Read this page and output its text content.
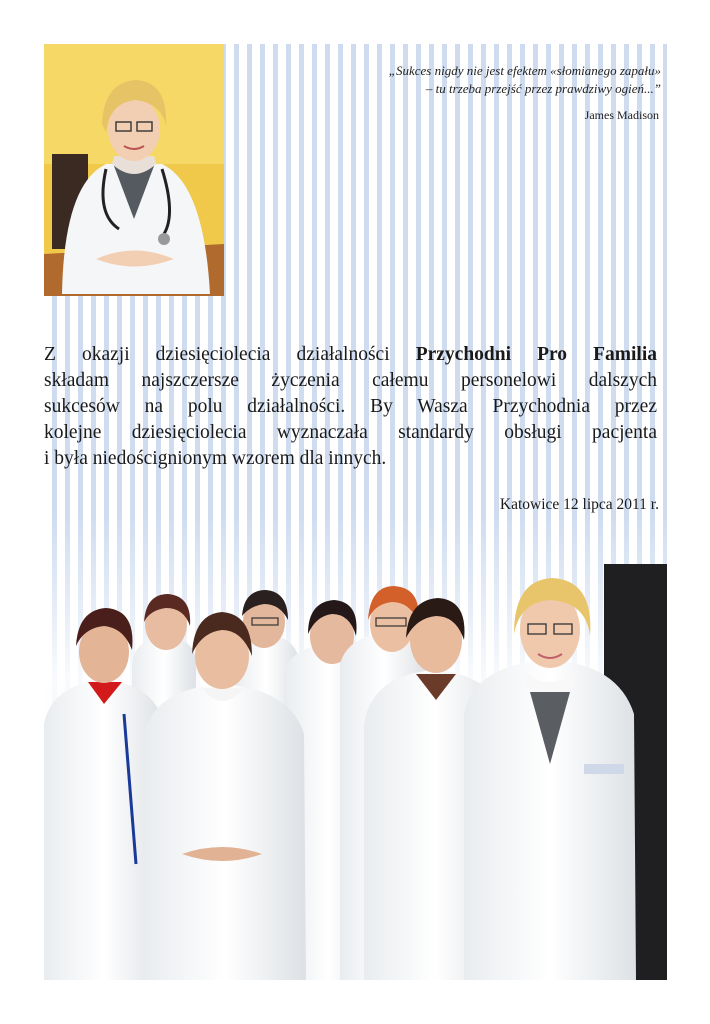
„Sukces nigdy nie jest efektem «słomianego zapału»
– tu trzeba przejść przez prawdziwy ogień...”
James Madison
Z okazji dziesięciolecia działalności Przychodni Pro Familia
składam najszczersze życzenia całemu personelowi dalszych
sukcesów na polu działalności. By Wasza Przychodnia przez
kolejne dziesięciolecia wyznaczała standardy obsługi pacjenta
i była niedoścignionym wzorem dla innych.
Katowice 12 lipca 2011 r.
